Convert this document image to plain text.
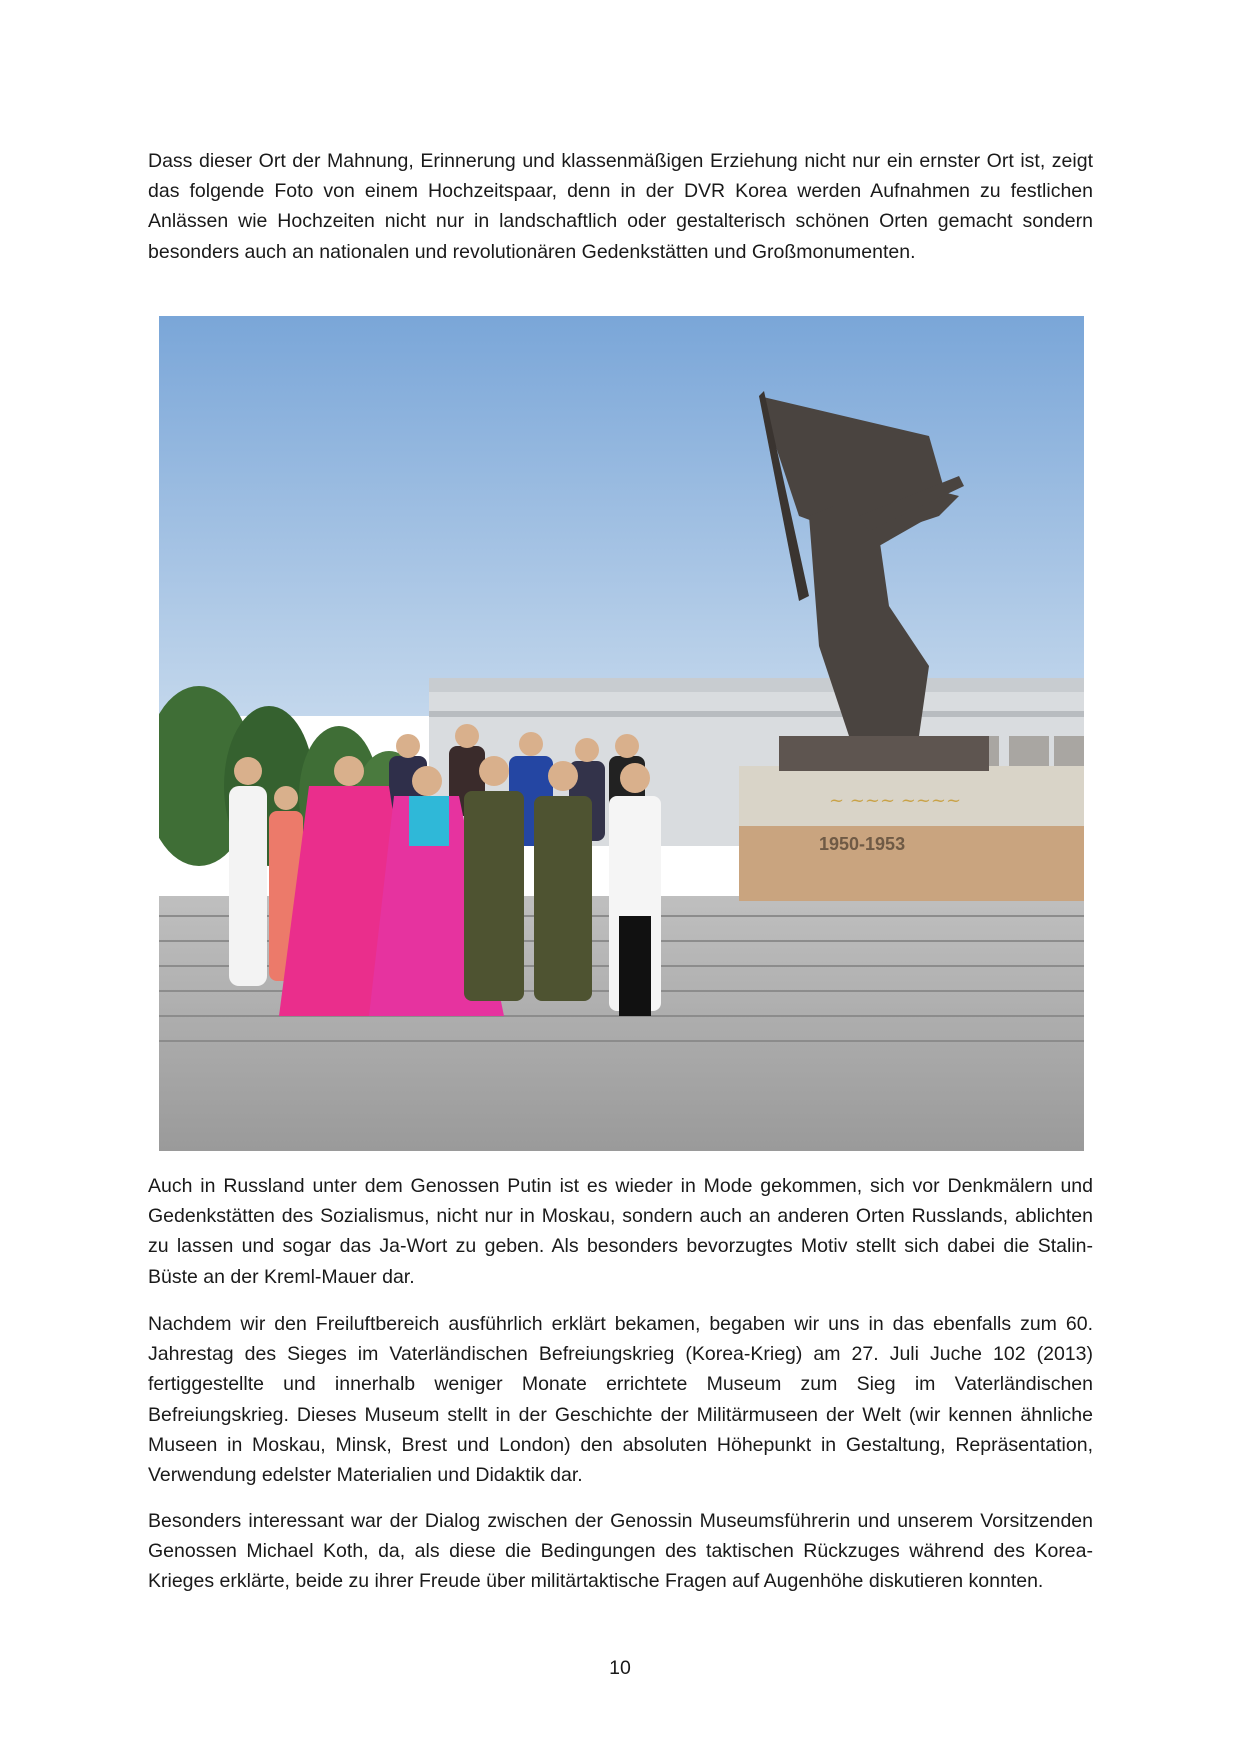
Dass dieser Ort der Mahnung, Erinnerung und klassenmäßigen Erziehung nicht nur ein ernster Ort ist, zeigt das folgende Foto von einem Hochzeitspaar, denn in der DVR Korea werden Aufnahmen zu festlichen Anlässen wie Hochzeiten nicht nur in landschaftlich oder gestalterisch schönen Orten gemacht sondern besonders auch an nationalen und revolutionären Gedenkstätten und Großmonumenten.

~ ~~~ ~~~~
1950-1953

Auch in Russland unter dem Genossen Putin ist es wieder in Mode gekommen, sich vor Denkmälern und Gedenkstätten des Sozialismus, nicht nur in Moskau, sondern auch an anderen Orten Russlands, ablichten zu lassen und sogar das Ja-Wort zu geben. Als besonders bevorzugtes Motiv stellt sich dabei die Stalin-Büste an der Kreml-Mauer dar.

Nachdem wir den Freiluftbereich ausführlich erklärt bekamen, begaben wir uns in das ebenfalls zum 60. Jahrestag des Sieges im Vaterländischen Befreiungskrieg (Korea-Krieg) am 27. Juli Juche 102 (2013) fertiggestellte und innerhalb weniger Monate errichtete Museum zum Sieg im Vaterländischen Befreiungskrieg. Dieses Museum stellt in der Geschichte der Militärmuseen der Welt (wir kennen ähnliche Museen in Moskau, Minsk, Brest und London) den absoluten Höhepunkt in Gestaltung, Repräsentation, Verwendung edelster Materialien und Didaktik dar.

Besonders interessant war der Dialog zwischen der Genossin Museumsführerin und unserem Vorsitzenden Genossen Michael Koth, da, als diese die Bedingungen des taktischen Rückzuges während des Korea-Krieges erklärte, beide zu ihrer Freude über militärtaktische Fragen auf Augenhöhe diskutieren konnten.

10
